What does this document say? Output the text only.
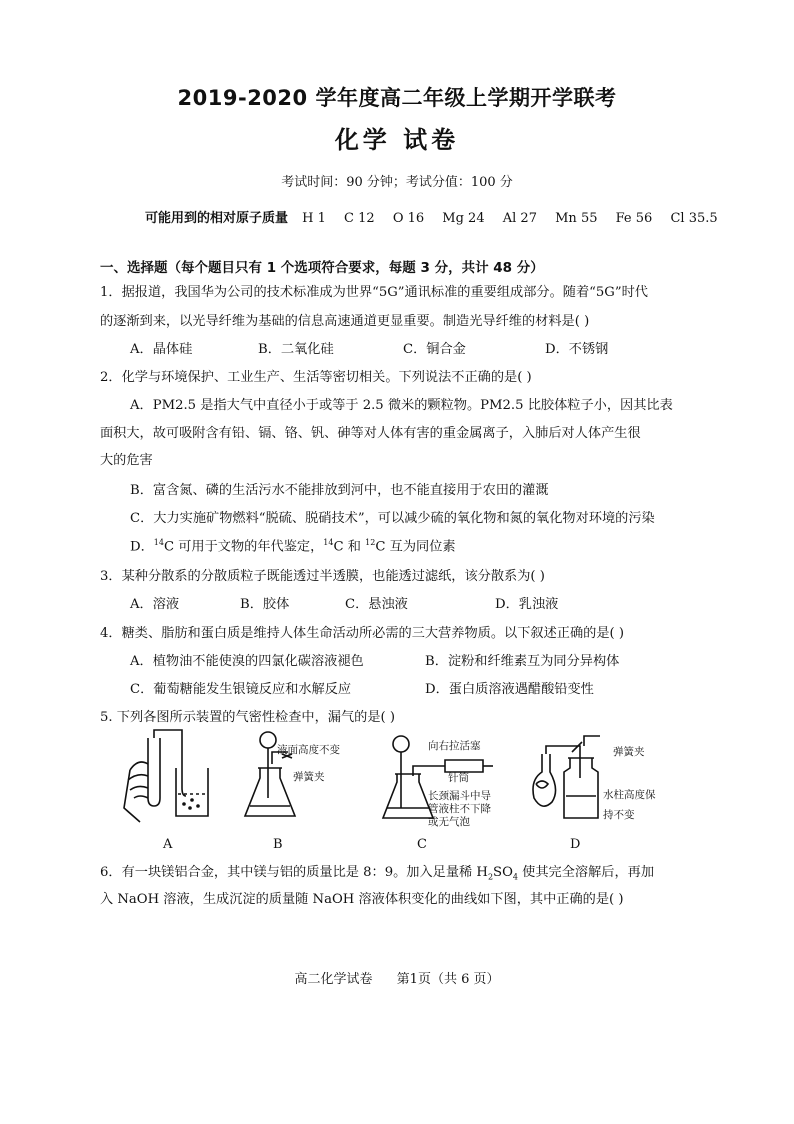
2019-2020 学年度高二年级上学期开学联考
化学 试卷
考试时间：90 分钟；考试分值：100 分
可能用到的相对原子质量 H 1 C 12 O 16 Mg 24 Al 27 Mn 55 Fe 56 Cl 35.5
一、选择题（每个题目只有 1 个选项符合要求，每题 3 分，共计 48 分）
1．据报道，我国华为公司的技术标准成为世界“5G”通讯标准的重要组成部分。随着“5G”时代
的逐渐到来，以光导纤维为基础的信息高速通道更显重要。制造光导纤维的材料是( )
A．晶体硅	B．二氧化硅	C．铜合金	D．不锈钢
2．化学与环境保护、工业生产、生活等密切相关。下列说法不正确的是( )
A．PM2.5 是指大气中直径小于或等于 2.5 微米的颗粒物。PM2.5 比胶体粒子小，因其比表
面积大，故可吸附含有铅、镉、铬、钒、砷等对人体有害的重金属离子，入肺后对人体产生很
大的危害
B．富含氮、磷的生活污水不能排放到河中，也不能直接用于农田的灌溉
C．大力实施矿物燃料“脱硫、脱硝技术”，可以减少硫的氧化物和氮的氧化物对环境的污染
D．$^{14}$C 可用于文物的年代鉴定，$^{14}$C 和 $^{12}$C 互为同位素
3．某种分散系的分散质粒子既能透过半透膜，也能透过滤纸，该分散系为( )
A．溶液	B．胶体	C．悬浊液	D．乳浊液
4．糖类、脂肪和蛋白质是维持人体生命活动所必需的三大营养物质。以下叙述正确的是( )
A．植物油不能使溴的四氯化碳溶液褪色	B．淀粉和纤维素互为同分异构体
C．葡萄糖能发生银镜反应和水解反应	D．蛋白质溶液遇醋酸铅变性
5. 下列各图所示装置的气密性检查中，漏气的是( )
液面高度不变
弹簧夹
向右拉活塞
针筒
长颈漏斗中导
管液柱不下降
或无气泡
弹簧夹
水柱高度保
持不变
A	B	C	D
6．有一块镁铝合金，其中镁与铝的质量比是 8：9。加入足量稀 $H_2SO_4$ 使其完全溶解后，再加
入 NaOH 溶液，生成沉淀的质量随 NaOH 溶液体积变化的曲线如下图，其中正确的是( )
高二化学试卷 第1页（共 6 页）
